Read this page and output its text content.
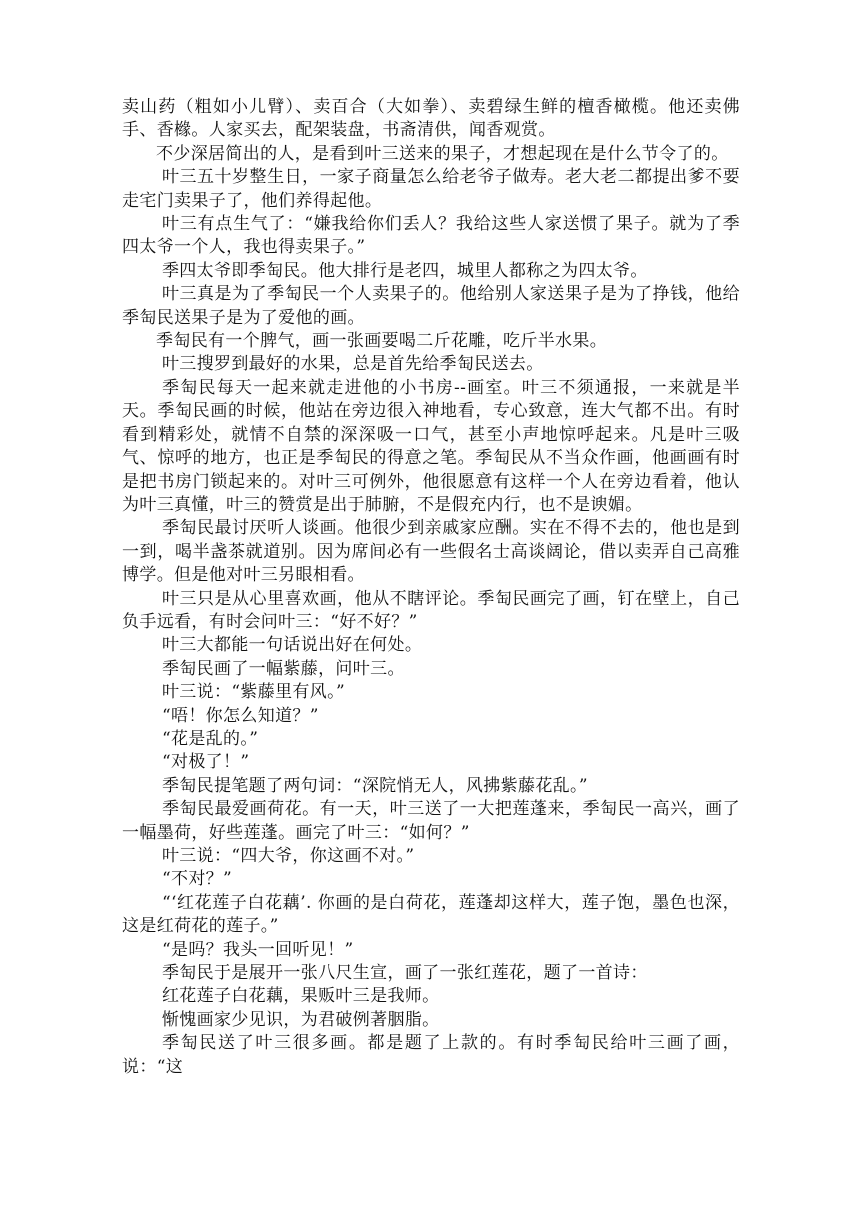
卖山药（粗如小儿臂）、卖百合（大如拳）、卖碧绿生鲜的檀香橄榄。他还卖佛手、香橼。人家买去，配架装盘，书斋清供，闻香观赏。

不少深居简出的人，是看到叶三送来的果子，才想起现在是什么节令了的。

叶三五十岁整生日，一家子商量怎么给老爷子做寿。老大老二都提出爹不要走宅门卖果子了，他们养得起他。

叶三有点生气了：“嫌我给你们丢人？我给这些人家送惯了果子。就为了季四太爷一个人，我也得卖果子。”

季四太爷即季匋民。他大排行是老四，城里人都称之为四太爷。

叶三真是为了季匋民一个人卖果子的。他给别人家送果子是为了挣钱，他给季匋民送果子是为了爱他的画。

季匋民有一个脾气，画一张画要喝二斤花雕，吃斤半水果。

叶三搜罗到最好的水果，总是首先给季匋民送去。

季匋民每天一起来就走进他的小书房--画室。叶三不须通报，一来就是半天。季匋民画的时候，他站在旁边很入神地看，专心致意，连大气都不出。有时看到精彩处，就情不自禁的深深吸一口气，甚至小声地惊呼起来。凡是叶三吸气、惊呼的地方，也正是季匋民的得意之笔。季匋民从不当众作画，他画画有时是把书房门锁起来的。对叶三可例外，他很愿意有这样一个人在旁边看着，他认为叶三真懂，叶三的赞赏是出于肺腑，不是假充内行，也不是谀媚。

季匋民最讨厌听人谈画。他很少到亲戚家应酬。实在不得不去的，他也是到一到，喝半盏茶就道别。因为席间必有一些假名士高谈阔论，借以卖弄自己高雅博学。但是他对叶三另眼相看。

叶三只是从心里喜欢画，他从不瞎评论。季匋民画完了画，钉在壁上，自己负手远看，有时会问叶三：“好不好？”

叶三大都能一句话说出好在何处。

季匋民画了一幅紫藤，问叶三。

叶三说：“紫藤里有风。”

“唔！你怎么知道？”

“花是乱的。”

“对极了！”

季匋民提笔题了两句词：“深院悄无人，风拂紫藤花乱。”

季匋民最爱画荷花。有一天，叶三送了一大把莲蓬来，季匋民一高兴，画了一幅墨荷，好些莲蓬。画完了叶三：“如何？”

叶三说：“四大爷，你这画不对。”

“不对？”

“‘红花莲子白花藕’. 你画的是白荷花，莲蓬却这样大，莲子饱，墨色也深，这是红荷花的莲子。”

“是吗？我头一回听见！”

季匋民于是展开一张八尺生宣，画了一张红莲花，题了一首诗：

红花莲子白花藕，果贩叶三是我师。

惭愧画家少见识，为君破例著胭脂。

季匋民送了叶三很多画。都是题了上款的。有时季匋民给叶三画了画，说：“这
